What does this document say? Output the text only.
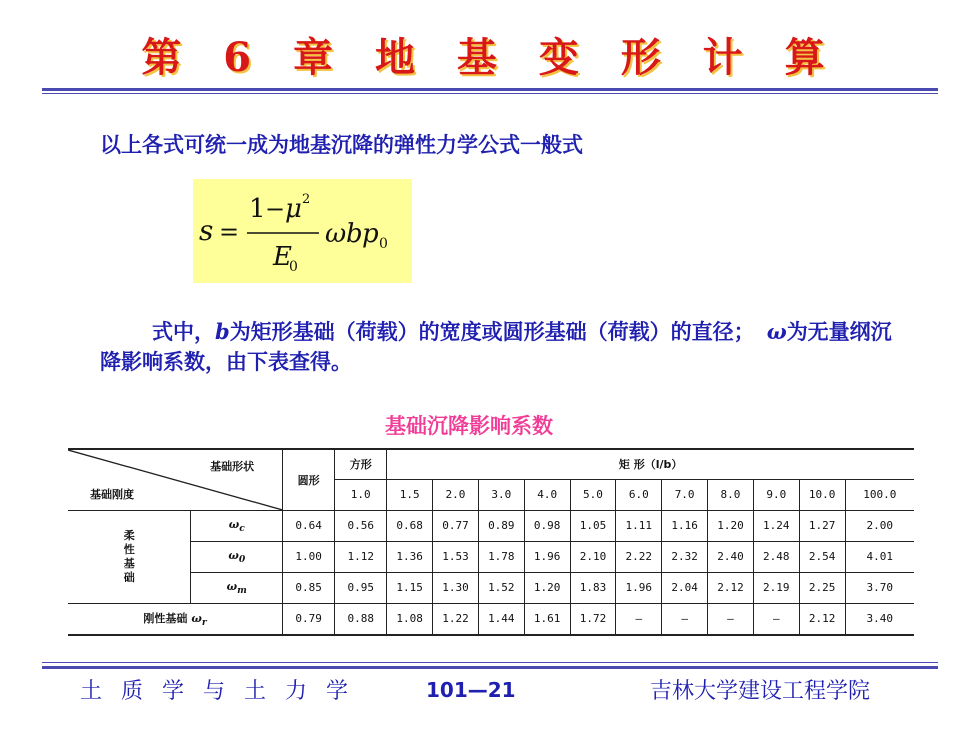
第 6 章 地 基 变 形 计 算
以上各式可统一成为地基沉降的弹性力学公式一般式
s =
1 − μ 2
E
0
ω b p 0
式中，b为矩形基础（荷载）的宽度或圆形基础（荷载）的直径； ω为无量纲沉降影响系数，由下表查得。
基础沉降影响系数
基础形状
基础刚度		圆形	方形	矩 形（l/b）										
			1.0	1.5	2.0	3.0	4.0	5.0	6.0	7.0	8.0	9.0	10.0	100.0

柔
性
基
础	$\omega_c$	0.64	0.56	0.68	0.77	0.89	0.98	1.05	1.11	1.16	1.20	1.24	1.27	2.00
	$\omega_0$	1.00	1.12	1.36	1.53	1.78	1.96	2.10	2.22	2.32	2.40	2.48	2.54	4.01
	$\omega_m$	0.85	0.95	1.15	1.30	1.52	1.20	1.83	1.96	2.04	2.12	2.19	2.25	3.70
刚性基础 $\omega_r$		0.79	0.88	1.08	1.22	1.44	1.61	1.72	—	—	—	—	2.12	3.40
土 质 学 与 土 力 学	101—21	吉林大学建设工程学院
